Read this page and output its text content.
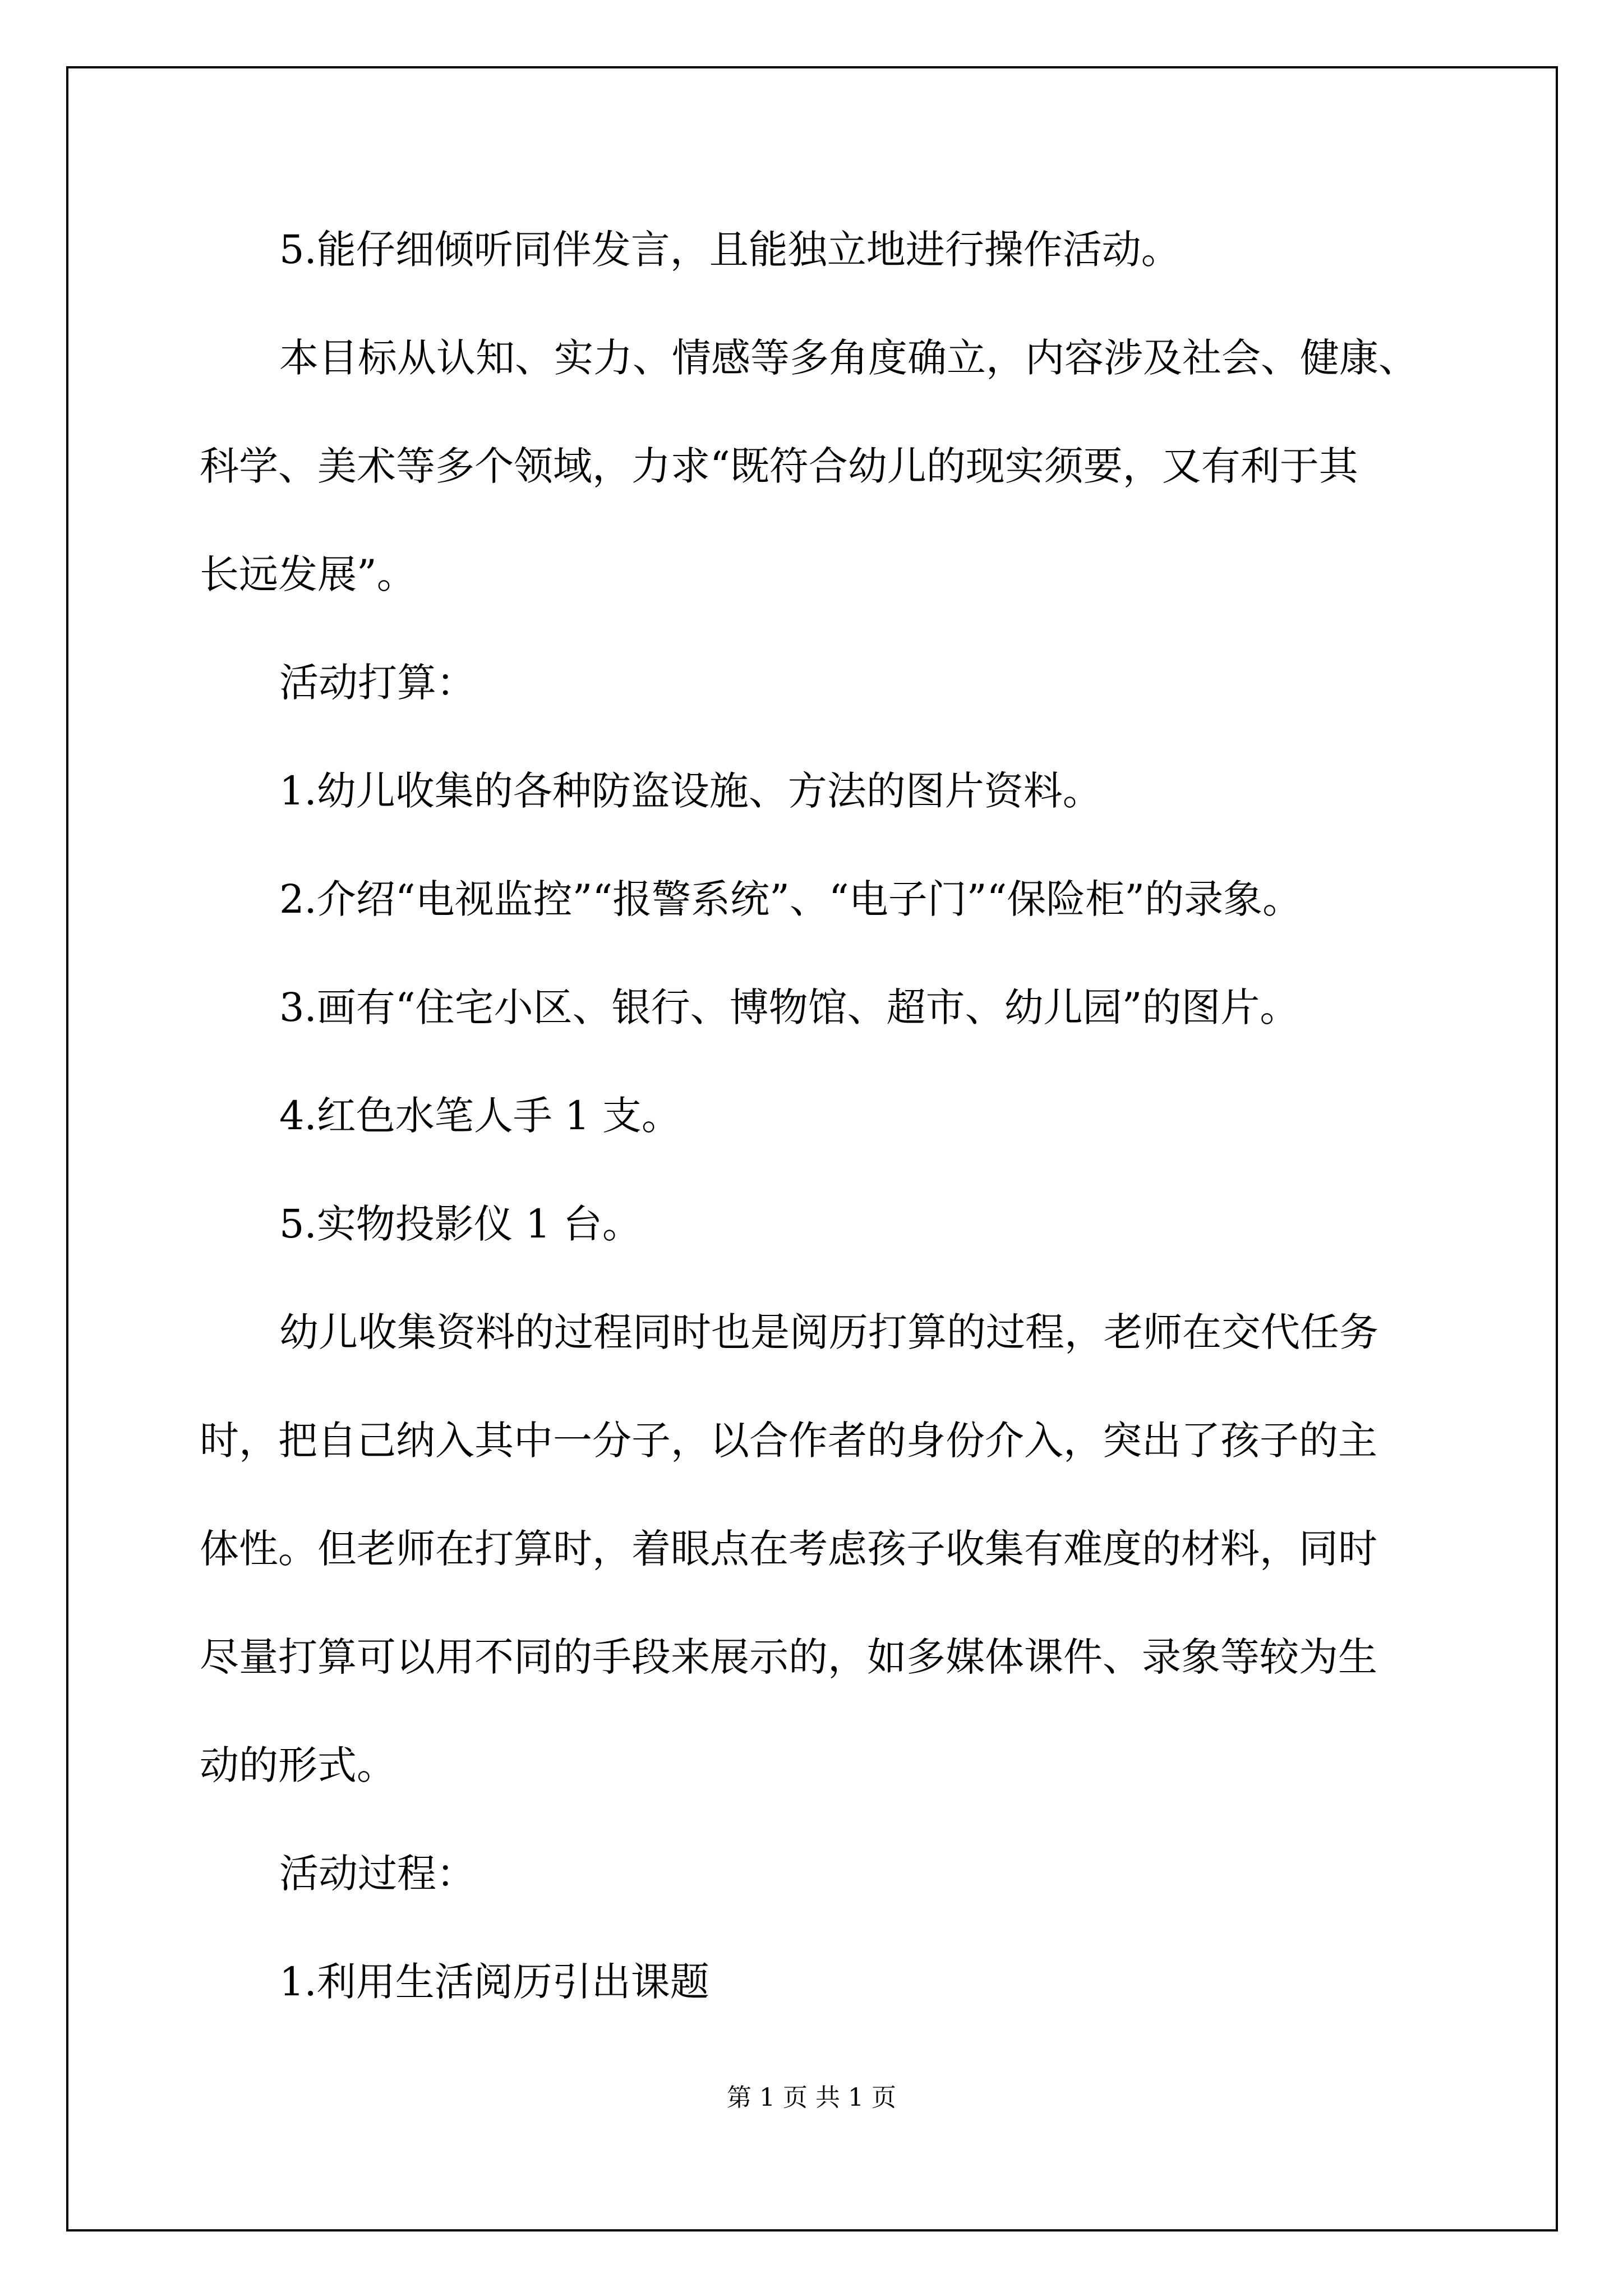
5.能仔细倾听同伴发言，且能独立地进行操作活动。

本目标从认知、实力、情感等多角度确立，内容涉及社会、健康、

科学、美术等多个领域，力求“既符合幼儿的现实须要，又有利于其

长远发展”。

活动打算：

1.幼儿收集的各种防盗设施、方法的图片资料。

2.介绍“电视监控”“报警系统”、“电子门”“保险柜”的录象。

3.画有“住宅小区、银行、博物馆、超市、幼儿园”的图片。

4.红色水笔人手 1 支。

5.实物投影仪 1 台。

幼儿收集资料的过程同时也是阅历打算的过程，老师在交代任务

时，把自己纳入其中一分子，以合作者的身份介入，突出了孩子的主

体性。但老师在打算时，着眼点在考虑孩子收集有难度的材料，同时

尽量打算可以用不同的手段来展示的，如多媒体课件、录象等较为生

动的形式。

活动过程：

1.利用生活阅历引出课题

第 1 页 共 1 页
